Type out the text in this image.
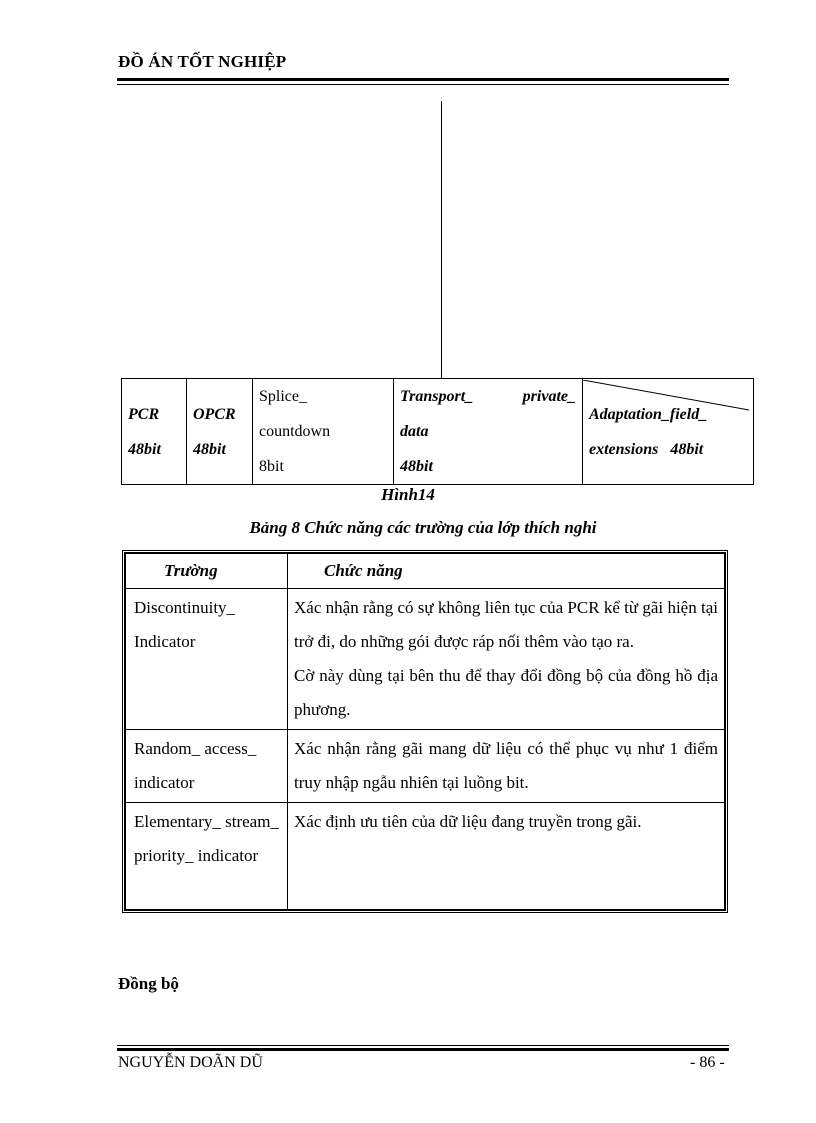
ĐỒ ÁN TỐT NGHIỆP
PCR
48bit

OPCR
48bit

Splice_
countdown
8bit

Transport_	private_
data
48bit

Adaptation_field_
extensions 48bit
Hình14
Bảng 8 Chức năng các trường của lớp thích nghi
Trường	Chức năng
Discontinuity_ Indicator	Xác nhận rằng có sự không liên tục của PCR kể từ gãi hiện tại trở đi, do những gói được ráp nối thêm vào tạo ra.

Cờ này dùng tại bên thu để thay đổi đồng bộ của đồng hồ địa phương.

Random_ access_ indicator	Xác nhận rằng gãi mang dữ liệu có thể phục vụ như 1 điểm truy nhập ngẫu nhiên tại luồng bit.

Elementary_ stream_ priority_ indicator	Xác định ưu tiên của dữ liệu đang truyền trong gãi.

Đồng bộ
NGUYỄN DOÃN DŨ	- 86 -
